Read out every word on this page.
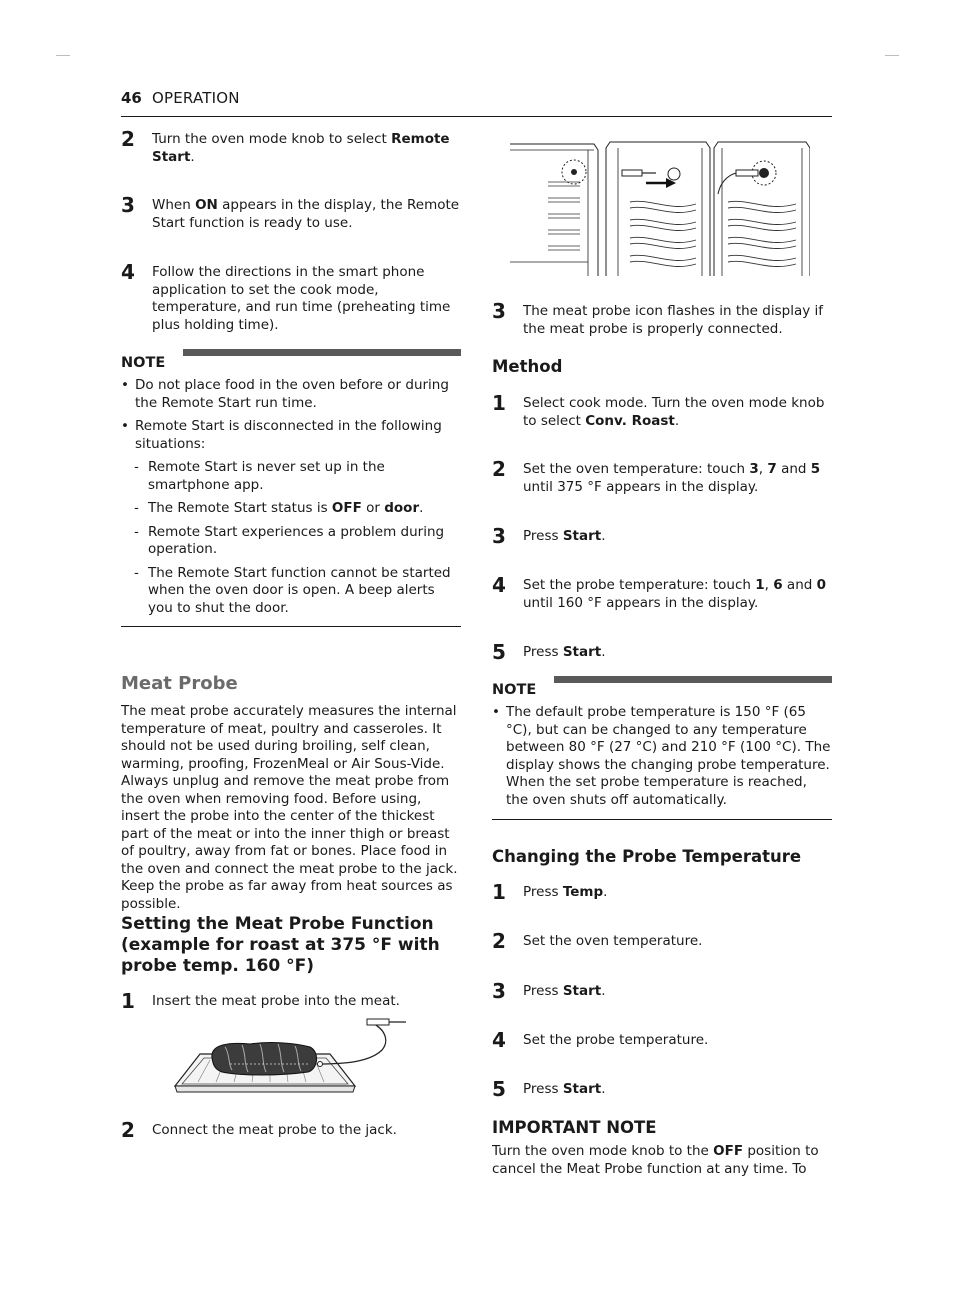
46 OPERATION
2 Turn the oven mode knob to select Remote Start.
3 When ON appears in the display, the Remote Start function is ready to use.
4 Follow the directions in the smart phone application to set the cook mode, temperature, and run time (preheating time plus holding time).
NOTE
• Do not place food in the oven before or during the Remote Start run time.
• Remote Start is disconnected in the following situations:
- Remote Start is never set up in the smartphone app.
- The Remote Start status is OFF or door.
- Remote Start experiences a problem during operation.
- The Remote Start function cannot be started when the oven door is open. A beep alerts you to shut the door.
Meat Probe
The meat probe accurately measures the internal temperature of meat, poultry and casseroles. It should not be used during broiling, self clean, warming, proofing, FrozenMeal or Air Sous-Vide. Always unplug and remove the meat probe from the oven when removing food. Before using, insert the probe into the center of the thickest part of the meat or into the inner thigh or breast of poultry, away from fat or bones. Place food in the oven and connect the meat probe to the jack. Keep the probe as far away from heat sources as possible.
Setting the Meat Probe Function (example for roast at 375 °F with probe temp. 160 °F)
1 Insert the meat probe into the meat.
2 Connect the meat probe to the jack.
3 The meat probe icon flashes in the display if the meat probe is properly connected.
Method
1 Select cook mode. Turn the oven mode knob to select Conv. Roast.
2 Set the oven temperature: touch 3, 7 and 5 until 375 °F appears in the display.
3 Press Start.
4 Set the probe temperature: touch 1, 6 and 0 until 160 °F appears in the display.
5 Press Start.
NOTE
• The default probe temperature is 150 °F (65 °C), but can be changed to any temperature between 80 °F (27 °C) and 210 °F (100 °C). The display shows the changing probe temperature. When the set probe temperature is reached, the oven shuts off automatically.
Changing the Probe Temperature
1 Press Temp.
2 Set the oven temperature.
3 Press Start.
4 Set the probe temperature.
5 Press Start.
IMPORTANT NOTE
Turn the oven mode knob to the OFF position to cancel the Meat Probe function at any time. To
